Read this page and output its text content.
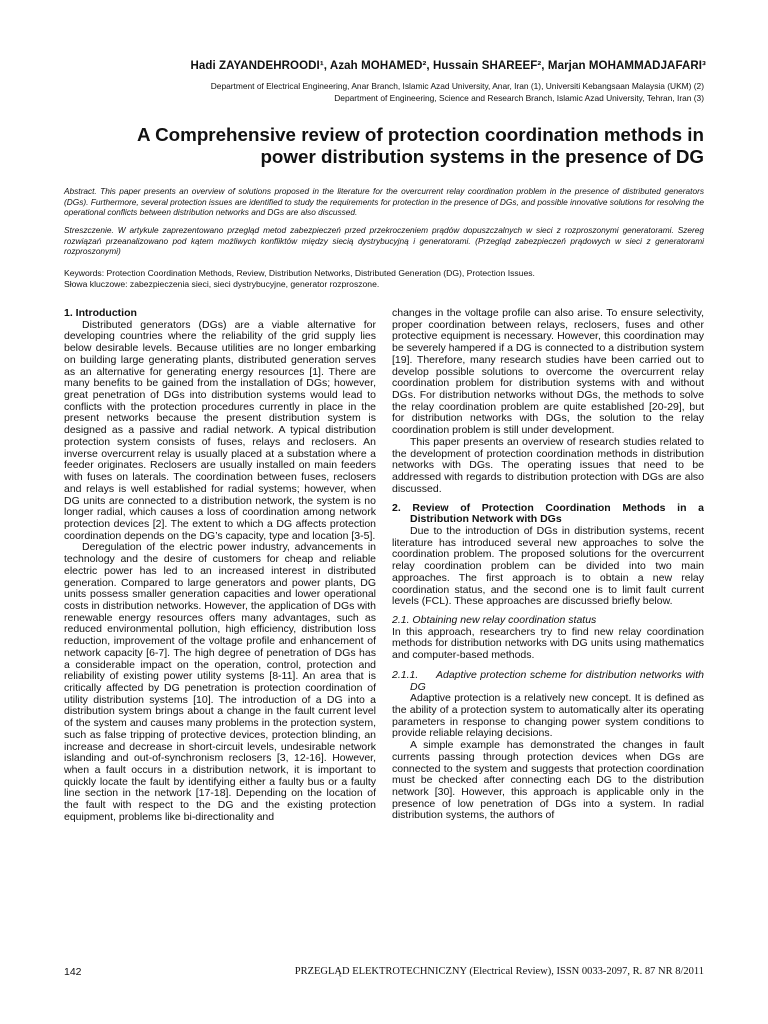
Hadi ZAYANDEHROODI¹, Azah MOHAMED², Hussain SHAREEF², Marjan MOHAMMADJAFARI³
Department of Electrical Engineering, Anar Branch, Islamic Azad University, Anar, Iran (1), Universiti Kebangsaan Malaysia (UKM) (2)
Department of Engineering, Science and Research Branch, Islamic Azad University, Tehran, Iran (3)
A Comprehensive review of protection coordination methods in
power distribution systems in the presence of DG
Abstract. This paper presents an overview of solutions proposed in the literature for the overcurrent relay coordination problem in the presence of distributed generators (DGs). Furthermore, several protection issues are identified to study the requirements for protection in the presence of DGs, and possible innovative solutions for resolving the operational conflicts between distribution networks and DGs are also discussed.
Streszczenie. W artykule zaprezentowano przegląd metod zabezpieczeń przed przekroczeniem prądów dopuszczalnych w sieci z rozproszonymi generatorami. Szereg rozwiązań przeanalizowano pod kątem możliwych konfliktów między siecią dystrybucyjną i generatorami. (Przegląd zabezpieczeń prądowych w sieci z generatorami rozproszonymi)
Keywords: Protection Coordination Methods, Review, Distribution Networks, Distributed Generation (DG), Protection Issues.
Słowa kluczowe: zabezpieczenia sieci, sieci dystrybucyjne, generator rozproszone.
1. Introduction

Distributed generators (DGs) are a viable alternative for developing countries where the reliability of the grid supply lies below desirable levels. Because utilities are no longer embarking on building large generating plants, distributed generation serves as an alternative for generating energy resources [1]. There are many benefits to be gained from the installation of DGs; however, great penetration of DGs into distribution systems would lead to conflicts with the protection procedures currently in place in the present networks because the present distribution system is designed as a passive and radial network. A typical distribution protection system consists of fuses, relays and reclosers. An inverse overcurrent relay is usually placed at a substation where a feeder originates. Reclosers are usually installed on main feeders with fuses on laterals. The coordination between fuses, reclosers and relays is well established for radial systems; however, when DG units are connected to a distribution network, the system is no longer radial, which causes a loss of coordination among network protection devices [2]. The extent to which a DG affects protection coordination depends on the DG’s capacity, type and location [3-5].

Deregulation of the electric power industry, advancements in technology and the desire of customers for cheap and reliable electric power has led to an increased interest in distributed generation. Compared to large generators and power plants, DG units possess smaller generation capacities and lower operational costs in distribution networks. However, the application of DGs with renewable energy resources offers many advantages, such as reduced environmental pollution, high efficiency, distribution loss reduction, improvement of the voltage profile and enhancement of network capacity [6-7]. The high degree of penetration of DGs has a considerable impact on the operation, control, protection and reliability of existing power utility systems [8-11]. An area that is critically affected by DG penetration is protection coordination of utility distribution systems [10]. The introduction of a DG into a distribution system brings about a change in the fault current level of the system and causes many problems in the protection system, such as false tripping of protective devices, protection blinding, an increase and decrease in short-circuit levels, undesirable network islanding and out-of-synchronism reclosers [3, 12-16]. However, when a fault occurs in a distribution network, it is important to quickly locate the fault by identifying either a faulty bus or a faulty line section in the network [17-18]. Depending on the location of the fault with respect to the DG and the existing protection equipment, problems like bi-directionality and

changes in the voltage profile can also arise. To ensure selectivity, proper coordination between relays, reclosers, fuses and other protective equipment is necessary. However, this coordination may be severely hampered if a DG is connected to a distribution system [19]. Therefore, many research studies have been carried out to develop possible solutions to overcome the overcurrent relay coordination problem for distribution systems with and without DGs. For distribution networks without DGs, the methods to solve the relay coordination problem are quite established [20-29], but for distribution networks with DGs, the solution to the relay coordination problem is still under development.

This paper presents an overview of research studies related to the development of protection coordination methods in distribution networks with DGs. The operating issues that need to be addressed with regards to distribution protection with DGs are also discussed.

2. Review of Protection Coordination Methods in a Distribution Network with DGs

Due to the introduction of DGs in distribution systems, recent literature has introduced several new approaches to solve the coordination problem. The proposed solutions for the overcurrent relay coordination problem can be divided into two main approaches. The first approach is to obtain a new relay coordination status, and the second one is to limit fault current levels (FCL). These approaches are discussed briefly below.

2.1. Obtaining new relay coordination status

In this approach, researchers try to find new relay coordination methods for distribution networks with DG units using mathematics and computer-based methods.

2.1.1. Adaptive protection scheme for distribution networks with DG

Adaptive protection is a relatively new concept. It is defined as the ability of a protection system to automatically alter its operating parameters in response to changing power system conditions to provide reliable relaying decisions.

A simple example has demonstrated the changes in fault currents passing through protection devices when DGs are connected to the system and suggests that protection coordination must be checked after connecting each DG to the distribution network [30]. However, this approach is applicable only in the presence of low penetration of DGs into a system. In radial distribution systems, the authors of

142	PRZEGLĄD ELEKTROTECHNICZNY (Electrical Review), ISSN 0033-2097, R. 87 NR 8/2011
